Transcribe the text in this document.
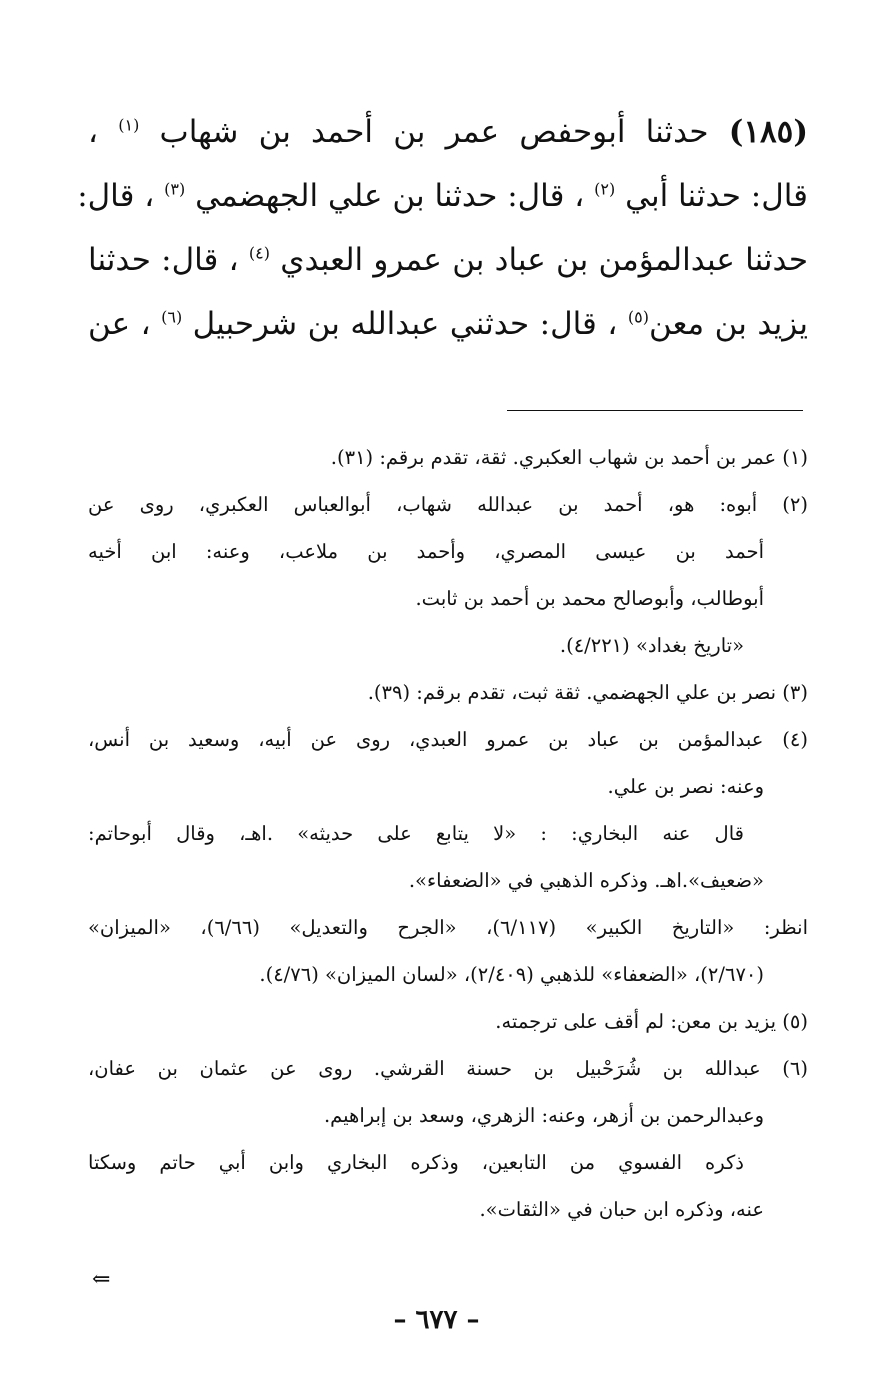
(١٨٥) حدثنا أبوحفص عمر بن أحمد بن شهاب $^{(١)}$ ،
قال: حدثنا أبي $^{(٢)}$ ، قال: حدثنا بن علي الجهضمي $^{(٣)}$ ، قال:
حدثنا عبدالمؤمن بن عباد بن عمرو العبدي $^{(٤)}$ ، قال: حدثنا
يزيد بن معن$^{(٥)}$ ، قال: حدثني عبدالله بن شرحبيل $^{(٦)}$ ، عن
(١) عمر بن أحمد بن شهاب العكبري. ثقة، تقدم برقم: (٣١).
(٢) أبوه: هو، أحمد بن عبدالله شهاب، أبوالعباس العكبري، روى عن
أحمد بن عيسى المصري، وأحمد بن ملاعب، وعنه: ابن أخيه
أبوطالب، وأبوصالح محمد بن أحمد بن ثابت.
«تاريخ بغداد» (٤/٢٢١).
(٣) نصر بن علي الجهضمي. ثقة ثبت، تقدم برقم: (٣٩).
(٤) عبدالمؤمن بن عباد بن عمرو العبدي، روى عن أبيه، وسعيد بن أنس،
وعنه: نصر بن علي.
قال عنه البخاري: : «لا يتابع على حديثه» .اهـ، وقال أبوحاتم:
«ضعيف».اهـ. وذكره الذهبي في «الضعفاء».
انظر: «التاريخ الكبير» (٦/١١٧)، «الجرح والتعديل» (٦/٦٦)، «الميزان»
(٢/٦٧٠)، «الضعفاء» للذهبي (٢/٤٠٩)، «لسان الميزان» (٤/٧٦).
(٥) يزيد بن معن: لم أقف على ترجمته.
(٦) عبدالله بن شُرَحْبيل بن حسنة القرشي. روى عن عثمان بن عفان،
وعبدالرحمن بن أزهر، وعنه: الزهري، وسعد بن إبراهيم.
ذكره الفسوي من التابعين، وذكره البخاري وابن أبي حاتم وسكتا
عنه، وذكره ابن حبان في «الثقات».
⇐
– ٦٧٧ –
